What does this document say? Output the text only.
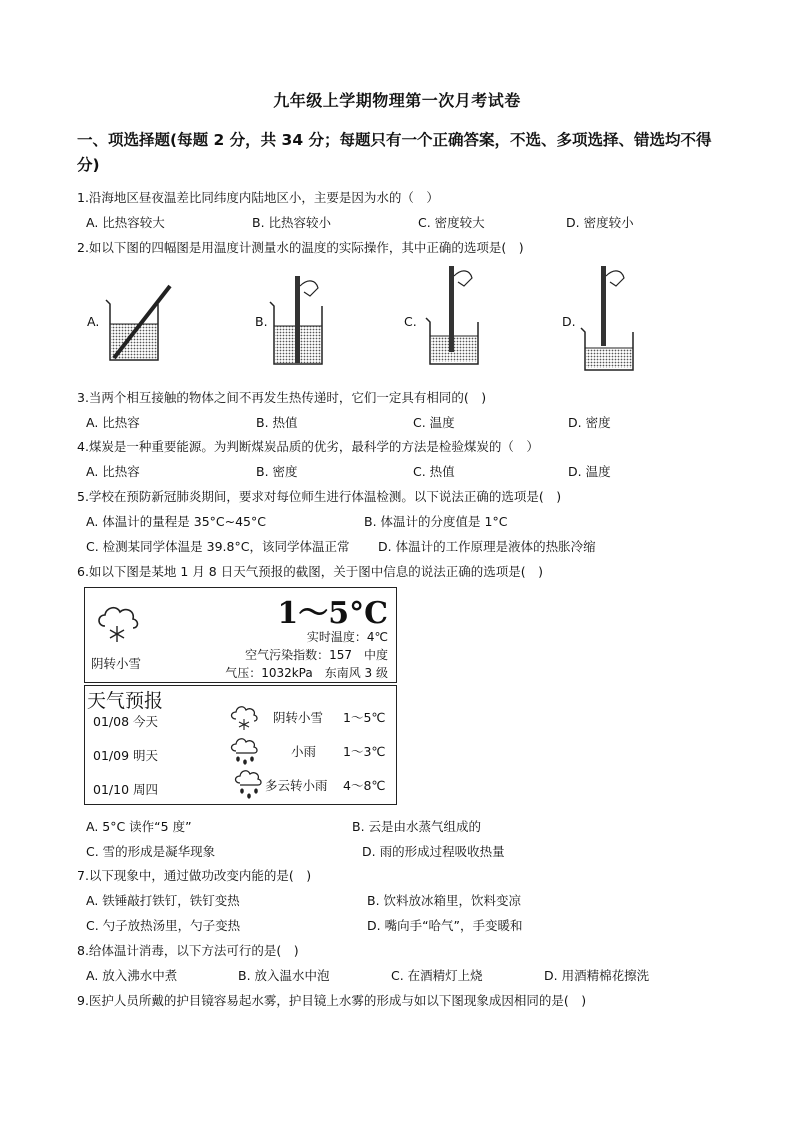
九年级上学期物理第一次月考试卷
一、项选择题(每题 2 分，共 34 分；每题只有一个正确答案，不选、多项选择、错选均不得分)
1.沿海地区昼夜温差比同纬度内陆地区小，主要是因为水的（　）
A. 比热容较大	B. 比热容较小	C. 密度较大	D. 密度较小
2.如以下图的四幅图是用温度计测量水的温度的实际操作，其中正确的选项是(　)
A.	B.	C.	D.
3.当两个相互接触的物体之间不再发生热传递时，它们一定具有相同的(　)
A. 比热容	B. 热值	C. 温度	D. 密度
4.煤炭是一种重要能源。为判断煤炭品质的优劣，最科学的方法是检验煤炭的（　）
A. 比热容	B. 密度	C. 热值	D. 温度
5.学校在预防新冠肺炎期间，要求对每位师生进行体温检测。以下说法正确的选项是(　)
A. 体温计的量程是 35°C~45°C	B. 体温计的分度值是 1°C
C. 检测某同学体温是 39.8°C，该同学体温正常 D. 体温计的工作原理是液体的热胀冷缩
6.如以下图是某地 1 月 8 日天气预报的截图，关于图中信息的说法正确的选项是(　)
阴转小雪
1～5°C
实时温度：4℃
空气污染指数：157　中度
气压：1032kPa　东南风 3 级
天气预报
01/08 今天	阴转小雪 1～5℃
01/09 明天	小雨 1～3℃
01/10 周四	多云转小雨 4～8℃
A. 5°C 读作“5 度”	B. 云是由水蒸气组成的
C. 雪的形成是凝华现象	D. 雨的形成过程吸收热量
7.以下现象中，通过做功改变内能的是(　)
A. 铁锤敲打铁钉，铁钉变热	B. 饮料放冰箱里，饮料变凉
C. 勺子放热汤里，勺子变热	D. 嘴向手“哈气”，手变暖和
8.给体温计消毒，以下方法可行的是(　)
A. 放入沸水中煮	B. 放入温水中泡	C. 在酒精灯上烧	D. 用酒精棉花擦洗
9.医护人员所戴的护目镜容易起水雾，护目镜上水雾的形成与如以下图现象成因相同的是(　)
